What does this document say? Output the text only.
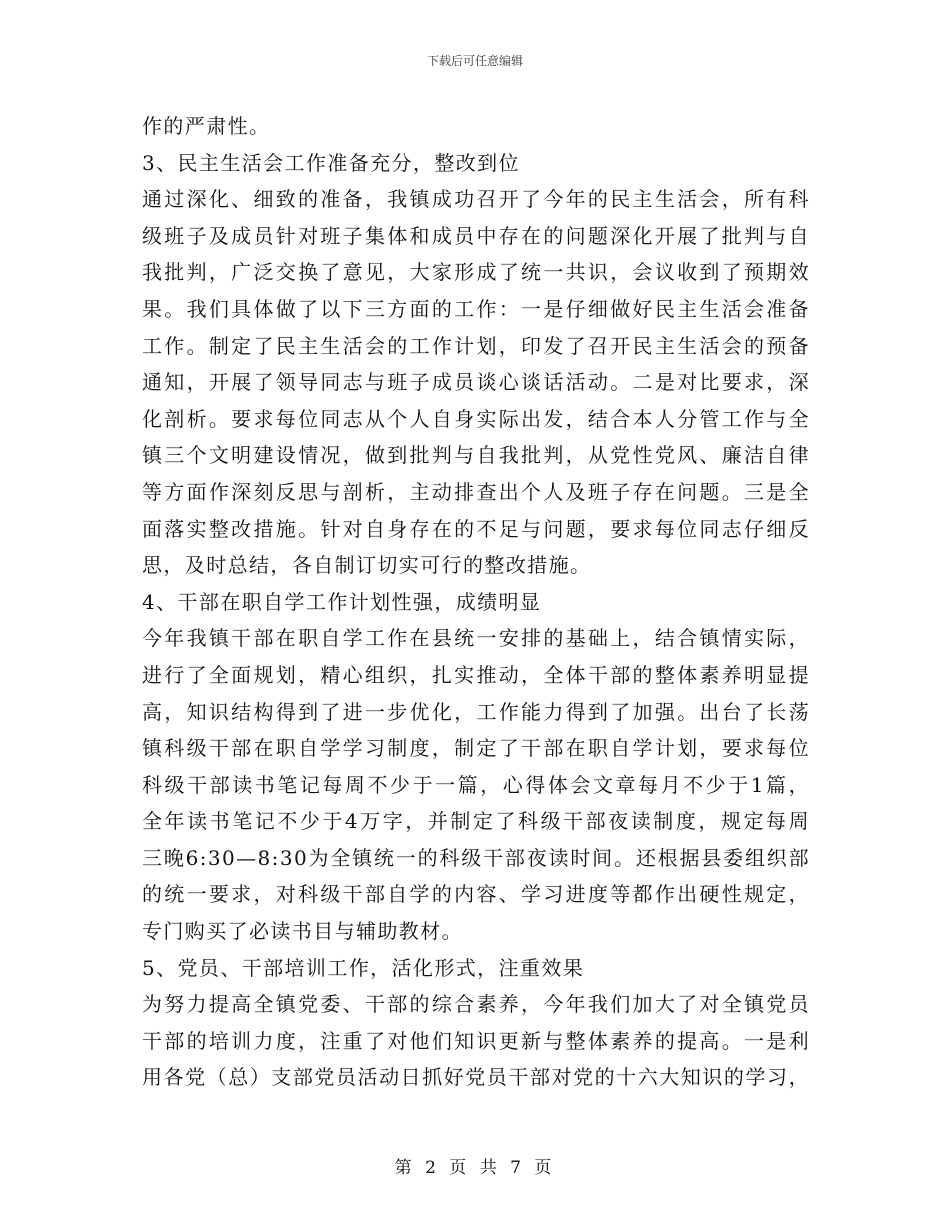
下载后可任意编辑
作的严肃性。
3、民主生活会工作准备充分，整改到位
通过深化、细致的准备，我镇成功召开了今年的民主生活会，所有科
级班子及成员针对班子集体和成员中存在的问题深化开展了批判与自
我批判，广泛交换了意见，大家形成了统一共识，会议收到了预期效
果。我们具体做了以下三方面的工作：一是仔细做好民主生活会准备
工作。制定了民主生活会的工作计划，印发了召开民主生活会的预备
通知，开展了领导同志与班子成员谈心谈话活动。二是对比要求，深
化剖析。要求每位同志从个人自身实际出发，结合本人分管工作与全
镇三个文明建设情况，做到批判与自我批判，从党性党风、廉洁自律
等方面作深刻反思与剖析，主动排查出个人及班子存在问题。三是全
面落实整改措施。针对自身存在的不足与问题，要求每位同志仔细反
思，及时总结，各自制订切实可行的整改措施。
4、干部在职自学工作计划性强，成绩明显
今年我镇干部在职自学工作在县统一安排的基础上，结合镇情实际，
进行了全面规划，精心组织，扎实推动，全体干部的整体素养明显提
高，知识结构得到了进一步优化，工作能力得到了加强。出台了长荡
镇科级干部在职自学学习制度，制定了干部在职自学计划，要求每位
科级干部读书笔记每周不少于一篇，心得体会文章每月不少于1篇，
全年读书笔记不少于4万字，并制定了科级干部夜读制度，规定每周
三晚6:30—8:30为全镇统一的科级干部夜读时间。还根据县委组织部
的统一要求，对科级干部自学的内容、学习进度等都作出硬性规定，
专门购买了必读书目与辅助教材。
5、党员、干部培训工作，活化形式，注重效果
为努力提高全镇党委、干部的综合素养，今年我们加大了对全镇党员
干部的培训力度，注重了对他们知识更新与整体素养的提高。一是利
用各党（总）支部党员活动日抓好党员干部对党的十六大知识的学习，
第 2 页 共 7 页
